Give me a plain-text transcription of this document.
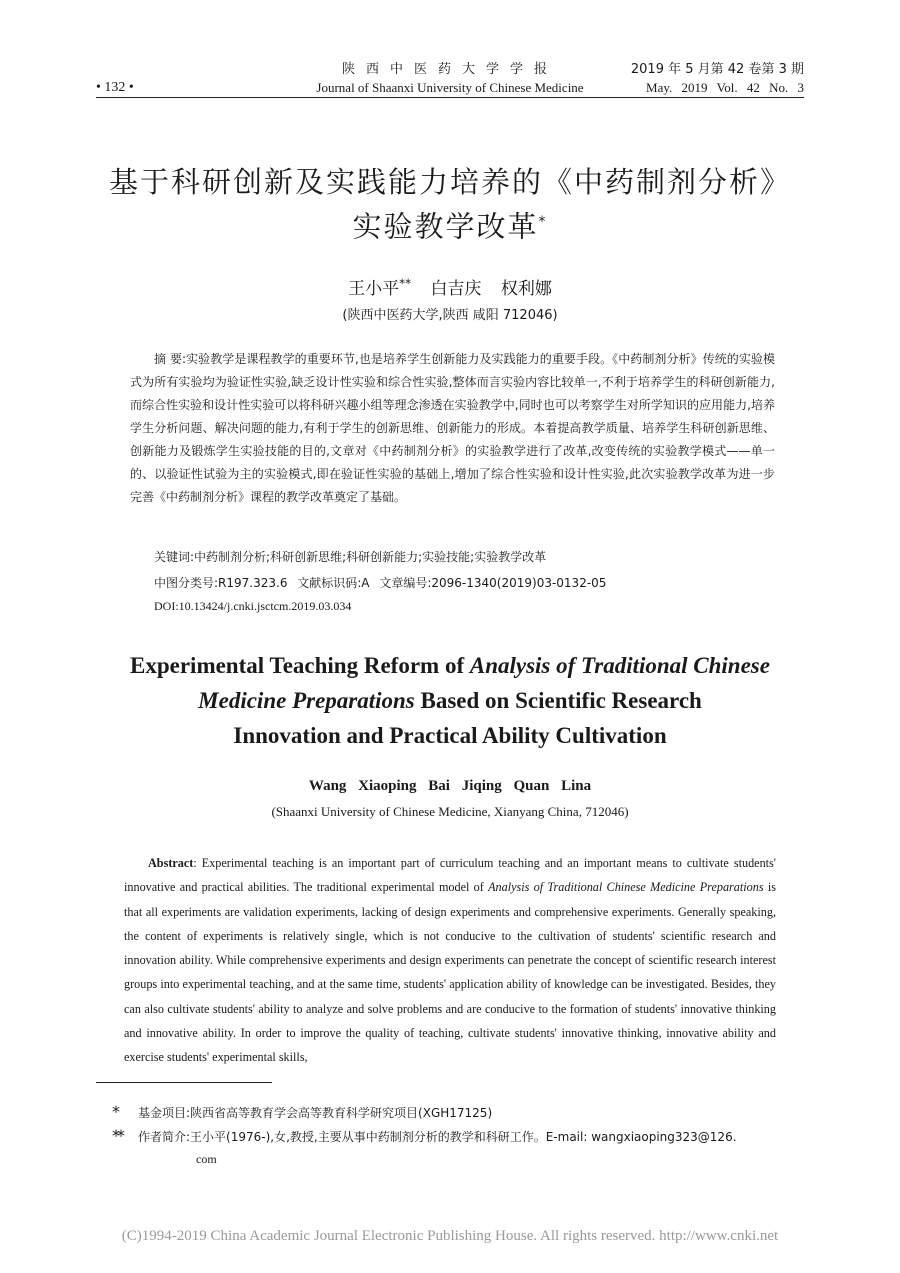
• 132 •
陕西中医药大学学报
Journal of Shaanxi University of Chinese Medicine
2019 年 5 月第 42 卷第 3 期
May. 2019 Vol. 42 No. 3
基于科研创新及实践能力培养的《中药制剂分析》
实验教学改革*
王小平** 白吉庆 权利娜
(陕西中医药大学,陕西 咸阳 712046)

摘 要:实验教学是课程教学的重要环节,也是培养学生创新能力及实践能力的重要手段。《中药制剂分析》传统的实验模式为所有实验均为验证性实验,缺乏设计性实验和综合性实验,整体而言实验内容比较单一,不利于培养学生的科研创新能力,而综合性实验和设计性实验可以将科研兴趣小组等理念渗透在实验教学中,同时也可以考察学生对所学知识的应用能力,培养学生分析问题、解决问题的能力,有利于学生的创新思维、创新能力的形成。本着提高教学质量、培养学生科研创新思维、创新能力及锻炼学生实验技能的目的,文章对《中药制剂分析》的实验教学进行了改革,改变传统的实验教学模式——单一的、以验证性试验为主的实验模式,即在验证性实验的基础上,增加了综合性实验和设计性实验,此次实验教学改革为进一步完善《中药制剂分析》课程的教学改革奠定了基础。

关键词:中药制剂分析;科研创新思维;科研创新能力;实验技能;实验教学改革
中图分类号:R197.323.6 文献标识码:A 文章编号:2096-1340(2019)03-0132-05
DOI:10.13424/j.cnki.jsctcm.2019.03.034
Experimental Teaching Reform of Analysis of Traditional Chinese
Medicine Preparations Based on Scientific Research
Innovation and Practical Ability Cultivation
Wang Xiaoping Bai Jiqing Quan Lina
(Shaanxi University of Chinese Medicine, Xianyang China, 712046)

Abstract: Experimental teaching is an important part of curriculum teaching and an important means to cultivate students' innovative and practical abilities. The traditional experimental model of Analysis of Traditional Chinese Medicine Preparations is that all experiments are validation experiments, lacking of design experiments and comprehensive experiments. Generally speaking, the content of experiments is relatively single, which is not conducive to the cultivation of students' scientific research and innovation ability. While comprehensive experiments and design experiments can penetrate the concept of scientific research interest groups into experimental teaching, and at the same time, students' application ability of knowledge can be investigated. Besides, they can also cultivate students' ability to analyze and solve problems and are conducive to the formation of students' innovative thinking and innovative ability. In order to improve the quality of teaching, cultivate students' innovative thinking, innovative ability and exercise students' experimental skills,

* 基金项目:陕西省高等教育学会高等教育科学研究项目(XGH17125)
** 作者简介:王小平(1976-),女,教授,主要从事中药制剂分析的教学和科研工作。E-mail: wangxiaoping323@126.
com
(C)1994-2019 China Academic Journal Electronic Publishing House. All rights reserved. http://www.cnki.net
